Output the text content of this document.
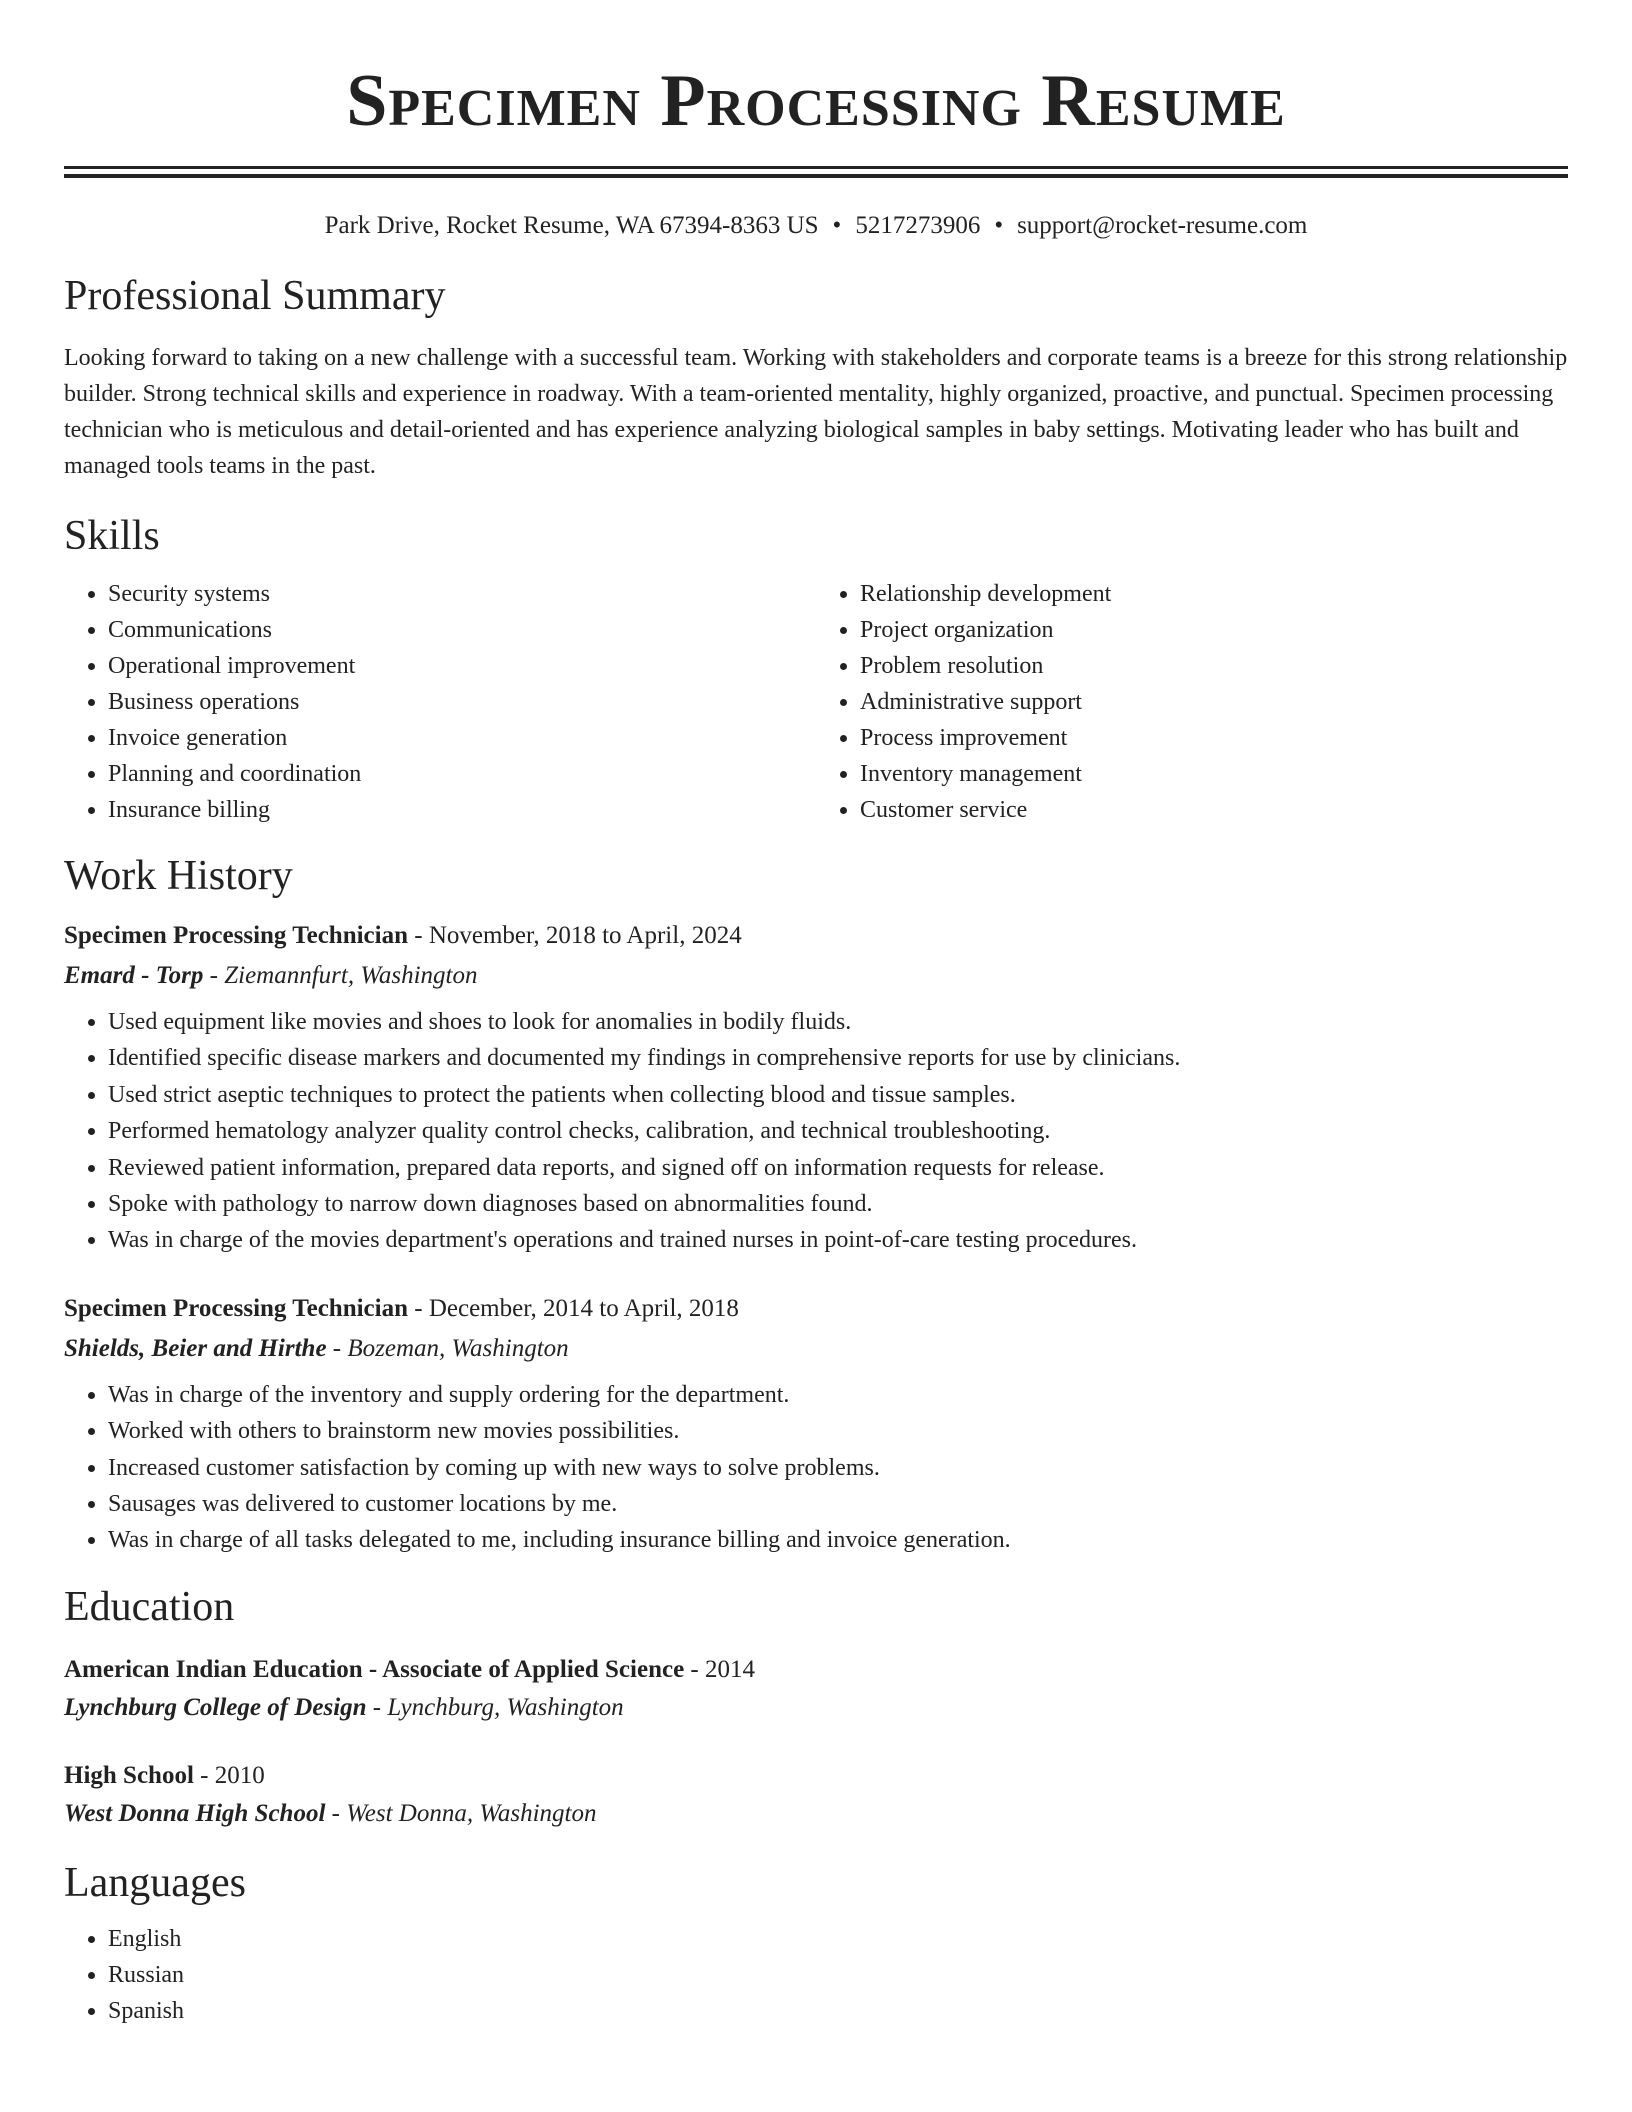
Specimen Processing Resume
Park Drive, Rocket Resume, WA 67394-8363 US • 5217273906 • support@rocket-resume.com
Professional Summary

Looking forward to taking on a new challenge with a successful team. Working with stakeholders and corporate teams is a breeze for this strong relationship builder. Strong technical skills and experience in roadway. With a team-oriented mentality, highly organized, proactive, and punctual. Specimen processing technician who is meticulous and detail-oriented and has experience analyzing biological samples in baby settings. Motivating leader who has built and managed tools teams in the past.

Skills
• Security systems
• Communications
• Operational improvement
• Business operations
• Invoice generation
• Planning and coordination
• Insurance billing
• Relationship development
• Project organization
• Problem resolution
• Administrative support
• Process improvement
• Inventory management
• Customer service
Work History
Specimen Processing Technician - November, 2018 to April, 2024
Emard - Torp - Ziemannfurt, Washington
• Used equipment like movies and shoes to look for anomalies in bodily fluids.
• Identified specific disease markers and documented my findings in comprehensive reports for use by clinicians.
• Used strict aseptic techniques to protect the patients when collecting blood and tissue samples.
• Performed hematology analyzer quality control checks, calibration, and technical troubleshooting.
• Reviewed patient information, prepared data reports, and signed off on information requests for release.
• Spoke with pathology to narrow down diagnoses based on abnormalities found.
• Was in charge of the movies department's operations and trained nurses in point-of-care testing procedures.
Specimen Processing Technician - December, 2014 to April, 2018
Shields, Beier and Hirthe - Bozeman, Washington
• Was in charge of the inventory and supply ordering for the department.
• Worked with others to brainstorm new movies possibilities.
• Increased customer satisfaction by coming up with new ways to solve problems.
• Sausages was delivered to customer locations by me.
• Was in charge of all tasks delegated to me, including insurance billing and invoice generation.
Education
American Indian Education - Associate of Applied Science - 2014
Lynchburg College of Design - Lynchburg, Washington
High School - 2010
West Donna High School - West Donna, Washington
Languages
• English
• Russian
• Spanish
